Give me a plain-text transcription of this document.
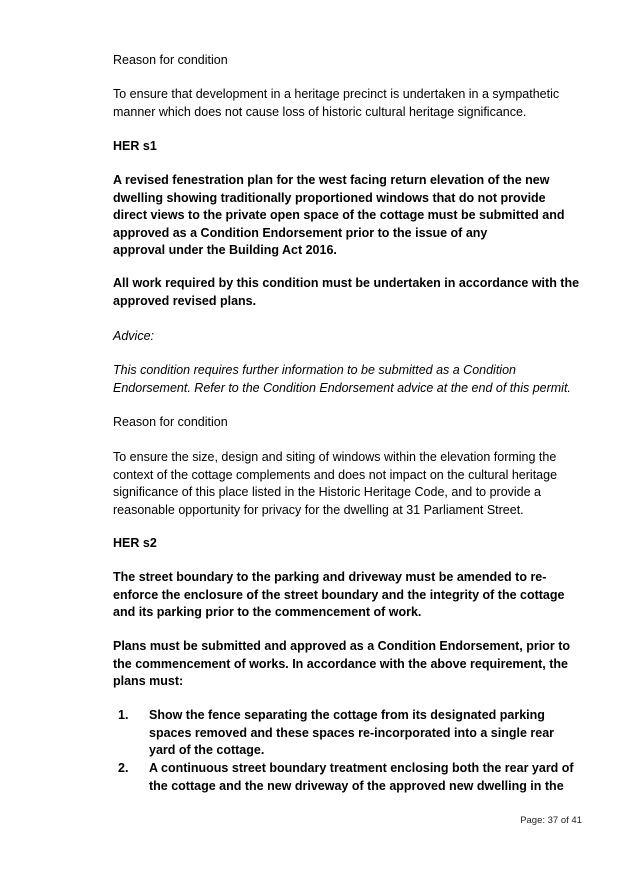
Reason for condition
To ensure that development in a heritage precinct is undertaken in a sympathetic
manner which does not cause loss of historic cultural heritage significance.
HER s1
A revised fenestration plan for the west facing return elevation of the new
dwelling showing traditionally proportioned windows that do not provide
direct views to the private open space of the cottage must be submitted and
approved as a Condition Endorsement prior to the issue of any
approval under the Building Act 2016.
All work required by this condition must be undertaken in accordance with the
approved revised plans.
Advice:
This condition requires further information to be submitted as a Condition
Endorsement. Refer to the Condition Endorsement advice at the end of this permit.
Reason for condition
To ensure the size, design and siting of windows within the elevation forming the
context of the cottage complements and does not impact on the cultural heritage
significance of this place listed in the Historic Heritage Code, and to provide a
reasonable opportunity for privacy for the dwelling at 31 Parliament Street.
HER s2
The street boundary to the parking and driveway must be amended to re-
enforce the enclosure of the street boundary and the integrity of the cottage
and its parking prior to the commencement of work.
Plans must be submitted and approved as a Condition Endorsement, prior to
the commencement of works. In accordance with the above requirement, the
plans must:
1. Show the fence separating the cottage from its designated parking
spaces removed and these spaces re-incorporated into a single rear
yard of the cottage.
2. A continuous street boundary treatment enclosing both the rear yard of
the cottage and the new driveway of the approved new dwelling in the
Page: 37 of 41
